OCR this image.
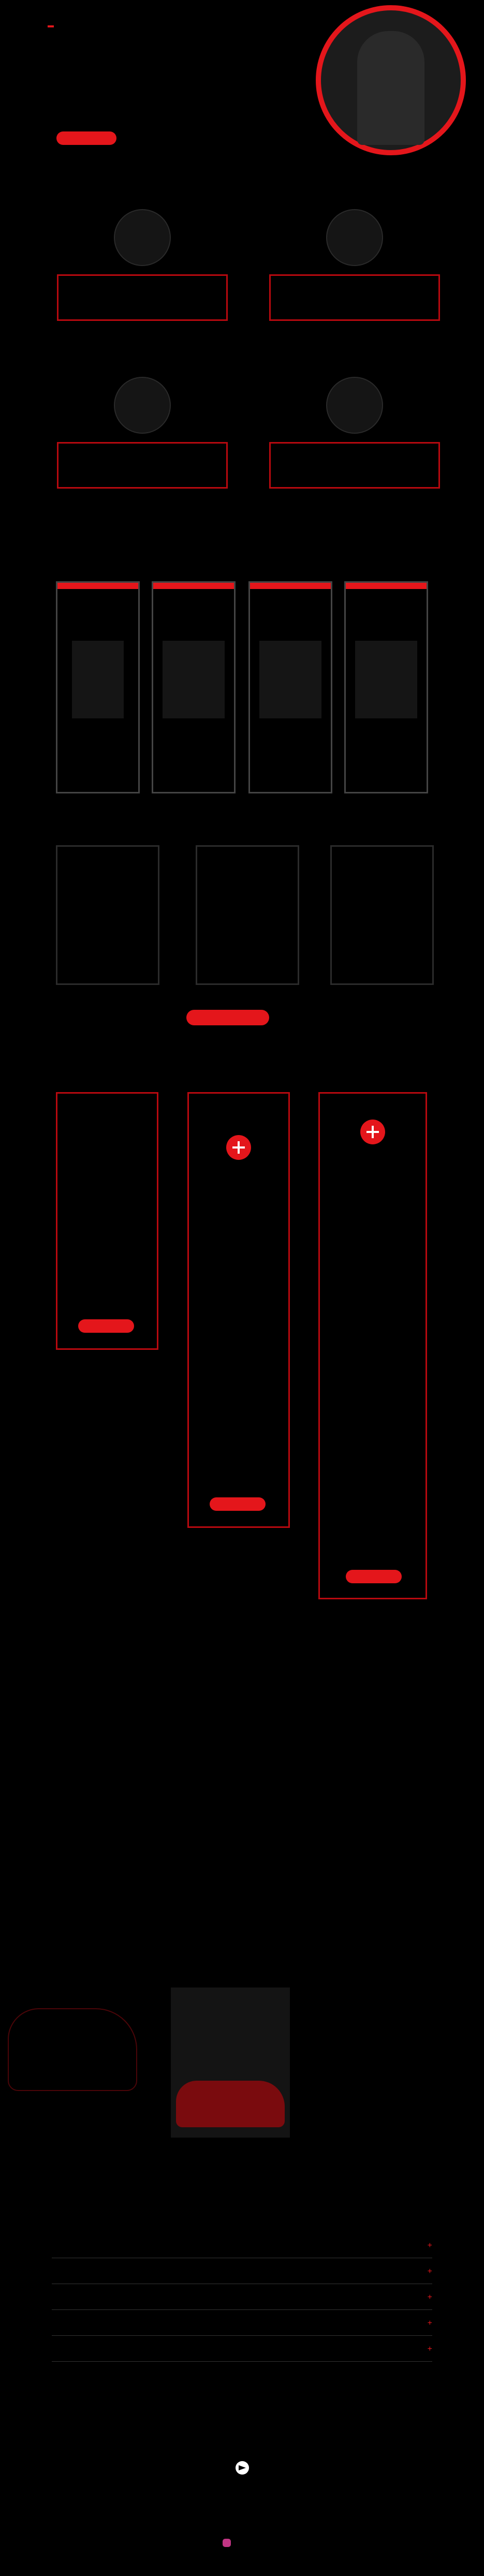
+
+
+
+
+
